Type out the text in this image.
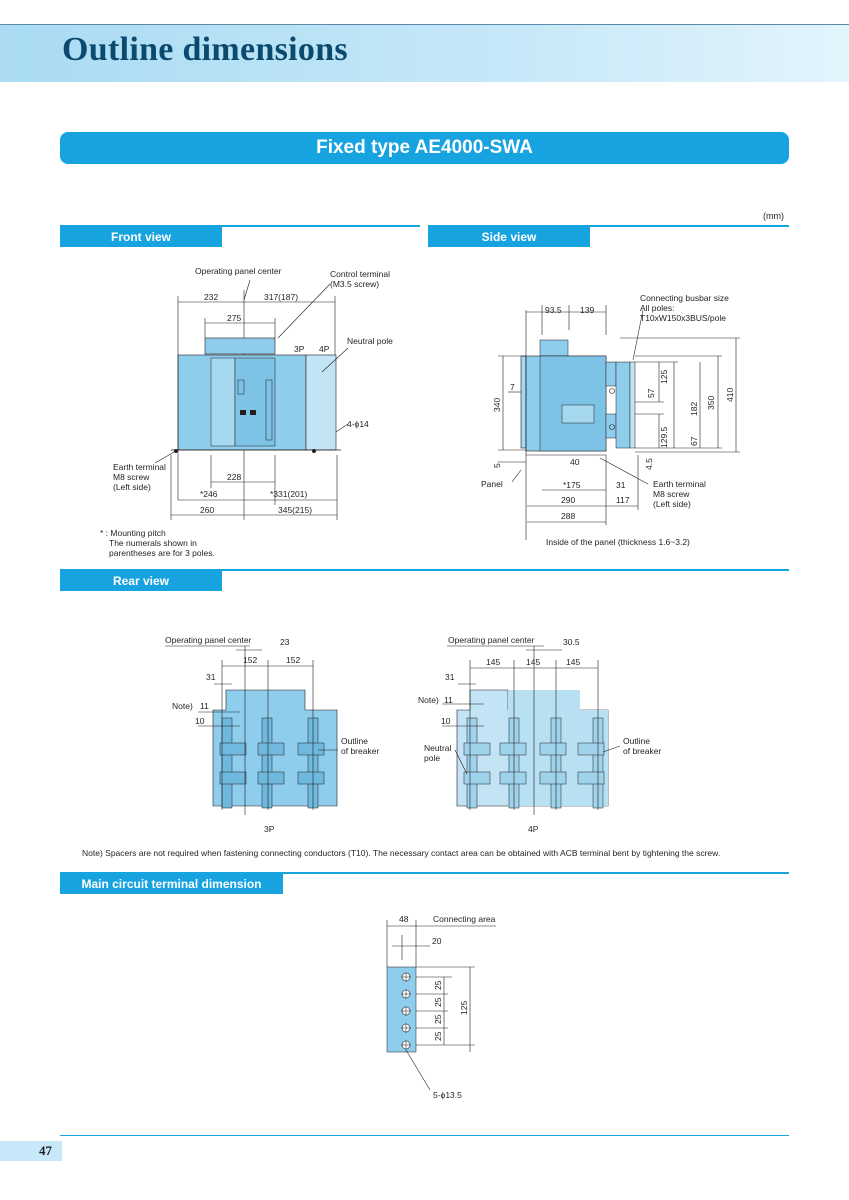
Outline dimensions
Fixed type AE4000-SWA
(mm)
Front view	Side view
Rear view
Main circuit terminal dimension
Operating panel center	Control terminal
(M3.5 screw)
232	317(187)
275
3P 4P
Neutral pole
4-ϕ14
Earth terminal
M8 screw
(Left side)
228
*246	*331(201)
260	345(215)
* : Mounting pitch
The numerals shown in
parentheses are for 3 poles.
93.5 139
Connecting busbar size
All poles:
T10xW150x3BUS/pole
7
340
5
125
57
182 350
410
129.5 67
4.5
40
Panel	*175	31	Earth terminal
M8 screw
(Left side)
290	117
288
Inside of the panel (thickness 1.6~3.2)
Operating panel center	23
152	152
31
Note) 11
10
Outline
of breaker
3P
Operating panel center	30.5
145	145	145
31
Note) 11
10
Neutral
pole
Outline
of breaker
4P
Note) Spacers are not required when fastening connecting conductors (T10). The necessary contact area can be obtained with ACB terminal bent by tightening the screw.
48	Connecting area
20
25
25
25
25
125
5-ϕ13.5
47
